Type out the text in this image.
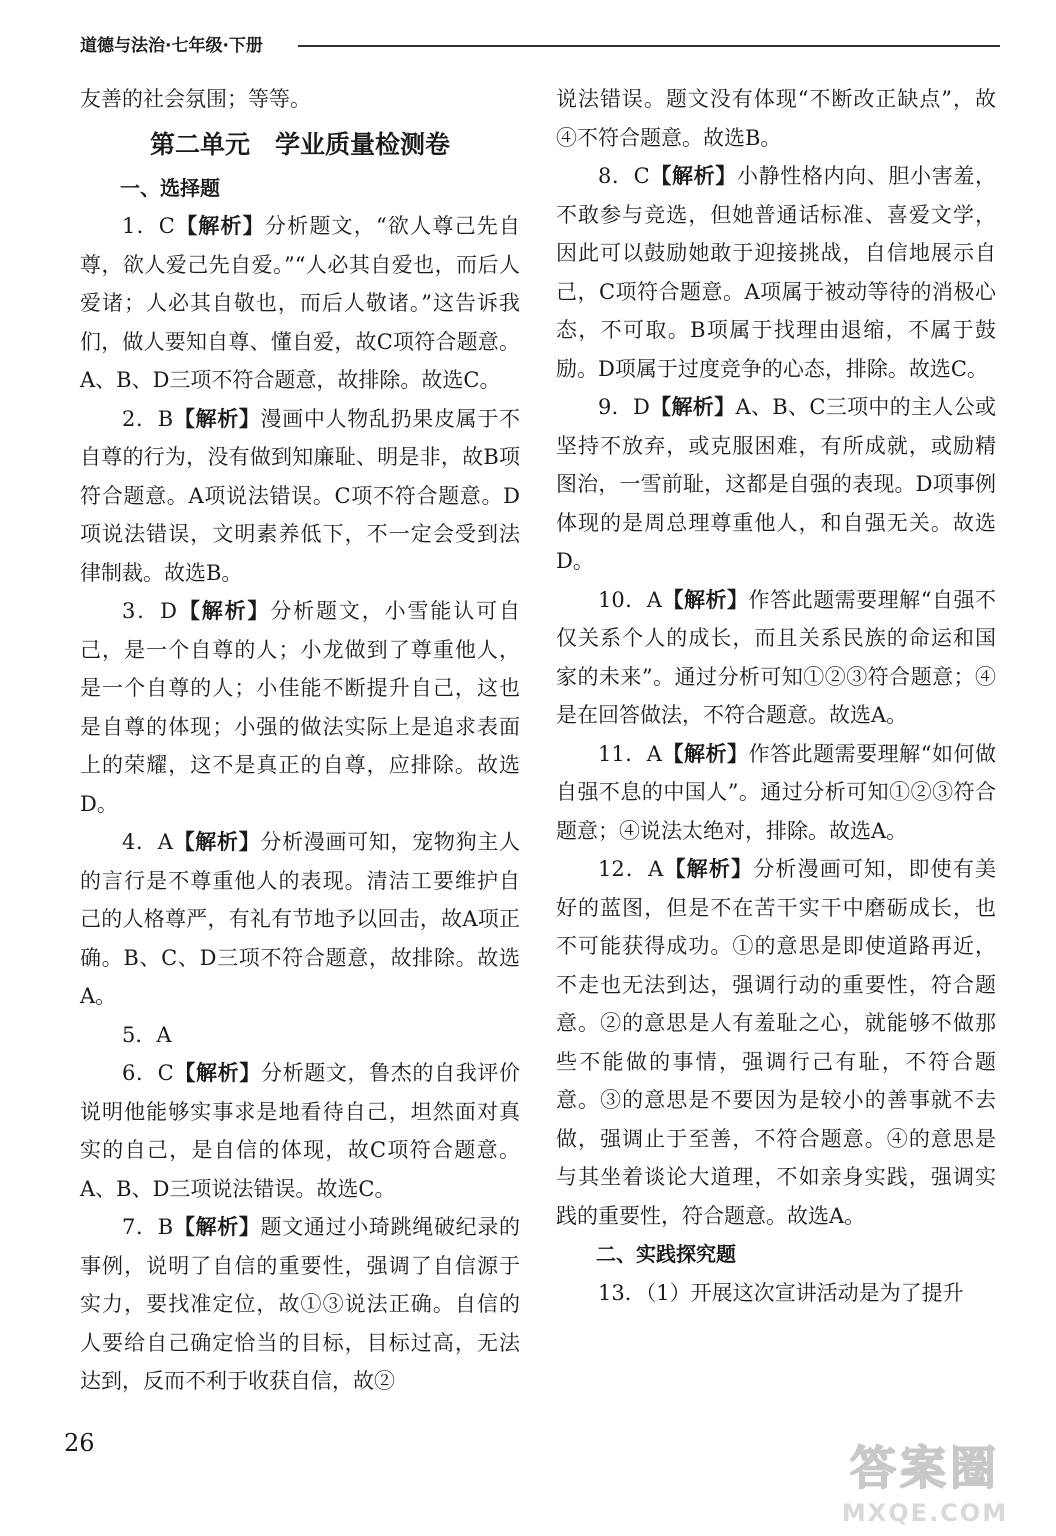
道德与法治·七年级·下册

友善的社会氛围；等等。

第二单元　学业质量检测卷
一、选择题

1．C【解析】分析题文，“欲人尊己先自尊，欲人爱己先自爱。”“人必其自爱也，而后人爱诸；人必其自敬也，而后人敬诸。”这告诉我们，做人要知自尊、懂自爱，故C项符合题意。A、B、D三项不符合题意，故排除。故选C。

2．B【解析】漫画中人物乱扔果皮属于不自尊的行为，没有做到知廉耻、明是非，故B项符合题意。A项说法错误。C项不符合题意。D项说法错误，文明素养低下，不一定会受到法律制裁。故选B。

3．D【解析】分析题文，小雪能认可自己，是一个自尊的人；小龙做到了尊重他人，是一个自尊的人；小佳能不断提升自己，这也是自尊的体现；小强的做法实际上是追求表面上的荣耀，这不是真正的自尊，应排除。故选D。

4．A【解析】分析漫画可知，宠物狗主人的言行是不尊重他人的表现。清洁工要维护自己的人格尊严，有礼有节地予以回击，故A项正确。B、C、D三项不符合题意，故排除。故选A。

5．A

6．C【解析】分析题文，鲁杰的自我评价说明他能够实事求是地看待自己，坦然面对真实的自己，是自信的体现，故C项符合题意。A、B、D三项说法错误。故选C。

7．B【解析】题文通过小琦跳绳破纪录的事例，说明了自信的重要性，强调了自信源于实力，要找准定位，故①③说法正确。自信的人要给自己确定恰当的目标，目标过高，无法达到，反而不利于收获自信，故②

说法错误。题文没有体现“不断改正缺点”，故④不符合题意。故选B。

8．C【解析】小静性格内向、胆小害羞，不敢参与竞选，但她普通话标准、喜爱文学，因此可以鼓励她敢于迎接挑战，自信地展示自己，C项符合题意。A项属于被动等待的消极心态，不可取。B项属于找理由退缩，不属于鼓励。D项属于过度竞争的心态，排除。故选C。

9．D【解析】A、B、C三项中的主人公或坚持不放弃，或克服困难，有所成就，或励精图治，一雪前耻，这都是自强的表现。D项事例体现的是周总理尊重他人，和自强无关。故选D。

10．A【解析】作答此题需要理解“自强不仅关系个人的成长，而且关系民族的命运和国家的未来”。通过分析可知①②③符合题意；④是在回答做法，不符合题意。故选A。

11．A【解析】作答此题需要理解“如何做自强不息的中国人”。通过分析可知①②③符合题意；④说法太绝对，排除。故选A。

12．A【解析】分析漫画可知，即使有美好的蓝图，但是不在苦干实干中磨砺成长，也不可能获得成功。①的意思是即使道路再近，不走也无法到达，强调行动的重要性，符合题意。②的意思是人有羞耻之心，就能够不做那些不能做的事情，强调行己有耻，不符合题意。③的意思是不要因为是较小的善事就不去做，强调止于至善，不符合题意。④的意思是与其坐着谈论大道理，不如亲身实践，强调实践的重要性，符合题意。故选A。

二、实践探究题

13．（1）开展这次宣讲活动是为了提升

26	答案圈
MXQE.COM
